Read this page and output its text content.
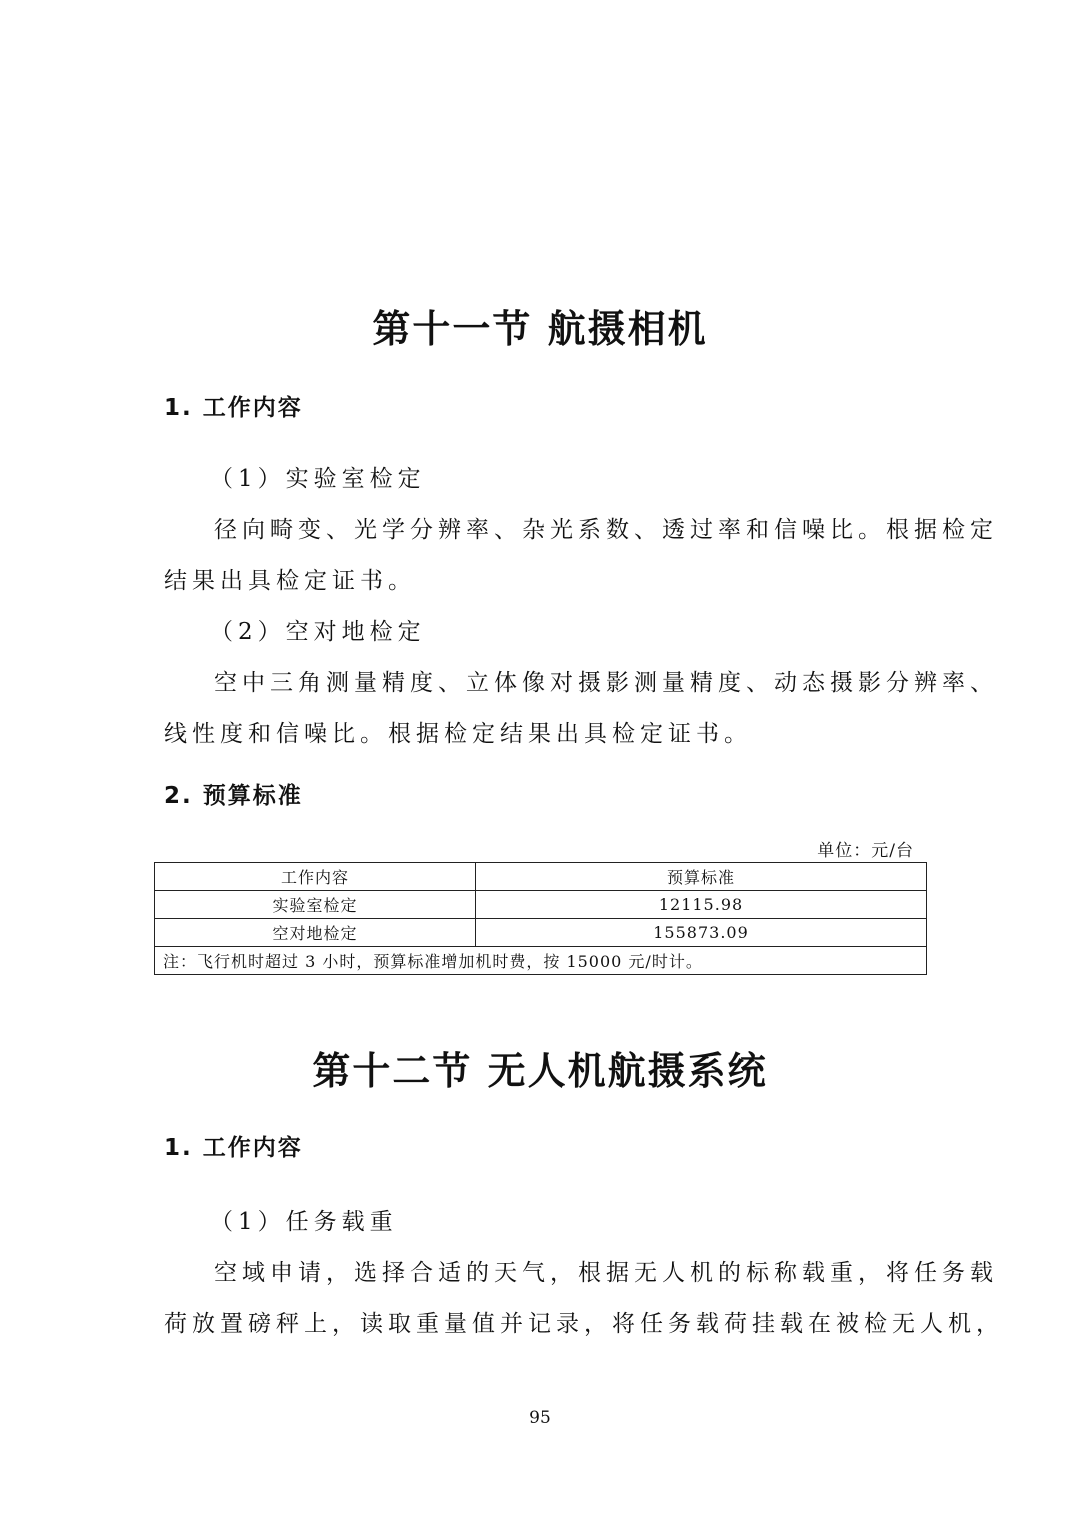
第十一节 航摄相机
1. 工作内容
（1）实验室检定
径向畸变、光学分辨率、杂光系数、透过率和信噪比。根据检定
结果出具检定证书。
（2）空对地检定
空中三角测量精度、立体像对摄影测量精度、动态摄影分辨率、
线性度和信噪比。根据检定结果出具检定证书。
2. 预算标准
单位：元/台
工作内容	预算标准
实验室检定	12115.98
空对地检定	155873.09
注：飞行机时超过 3 小时，预算标准增加机时费，按 15000 元/时计。	
第十二节 无人机航摄系统
1. 工作内容
（1）任务载重
空域申请，选择合适的天气，根据无人机的标称载重，将任务载
荷放置磅秤上，读取重量值并记录，将任务载荷挂载在被检无人机，
95
